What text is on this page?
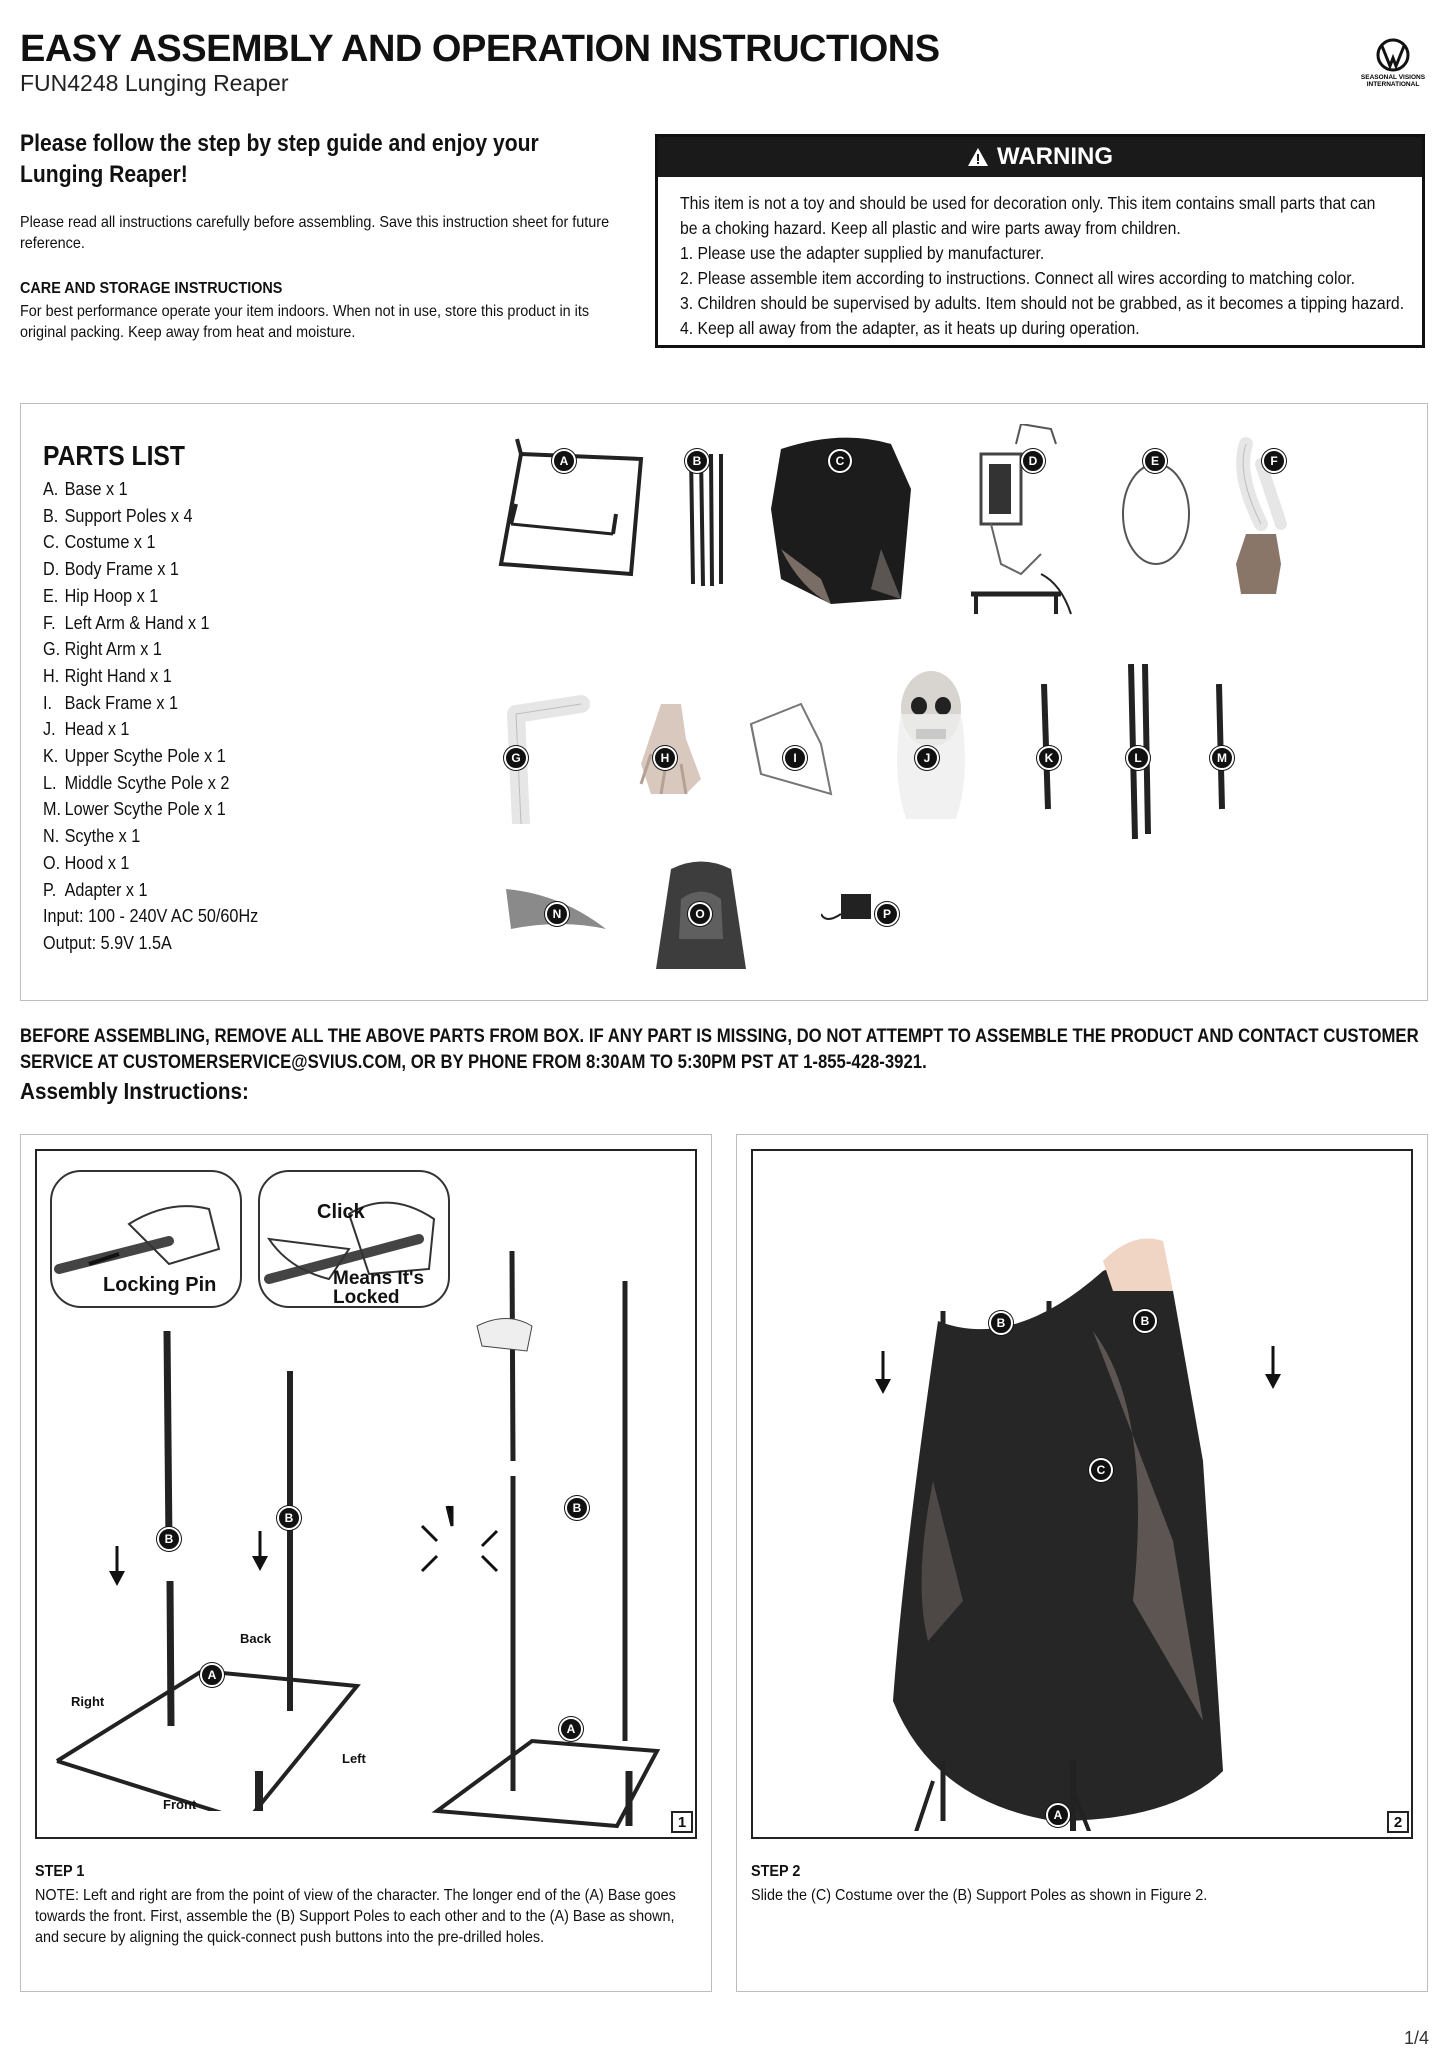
EASY ASSEMBLY AND OPERATION INSTRUCTIONS
FUN4248 Lunging Reaper	SEASONAL VISIONS
INTERNATIONAL
Please follow the step by step guide and enjoy your
Lunging Reaper!
Please read all instructions carefully before assembling. Save this instruction sheet for future reference.
CARE AND STORAGE INSTRUCTIONS
For best performance operate your item indoors. When not in use, store this product in its original packing. Keep away from heat and moisture.
WARNING
This item is not a toy and should be used for decoration only. This item contains small parts that can
be a choking hazard. Keep all plastic and wire parts away from children.
1. Please use the adapter supplied by manufacturer.
2. Please assemble item according to instructions. Connect all wires according to matching color.
3. Children should be supervised by adults. Item should not be grabbed, as it becomes a tipping hazard.
4. Keep all away from the adapter, as it heats up during operation.
PARTS LIST
A. Base x 1
B. Support Poles x 4
C. Costume x 1
D. Body Frame x 1
E. Hip Hoop x 1
F. Left Arm & Hand x 1
G. Right Arm x 1
H. Right Hand x 1
I. Back Frame x 1
J. Head x 1
K. Upper Scythe Pole x 1
L. Middle Scythe Pole x 2
M. Lower Scythe Pole x 1
N. Scythe x 1
O. Hood x 1
P. Adapter x 1
Input: 100 - 240V AC 50/60Hz
Output: 5.9V 1.5A
A	B	C	D	E	F
G	H	I	J	K	L	M
N	O	P
BEFORE ASSEMBLING, REMOVE ALL THE ABOVE PARTS FROM BOX. IF ANY PART IS MISSING, DO NOT ATTEMPT TO ASSEMBLE THE PRODUCT AND CONTACT CUSTOMER SERVICE AT CUSTOMERSERVICE@SVIUS.COM, OR BY PHONE FROM 8:30AM TO 5:30PM PST AT 1-855-428-3921.
Assembly Instructions:
Locking Pin
Click
Means It's
Locked
B
B
A
Back
Right
Left
Front
B
A
1
STEP 1
NOTE: Left and right are from the point of view of the character. The longer end of the (A) Base goes towards the front. First, assemble the (B) Support Poles to each other and to the (A) Base as shown, and secure by aligning the quick-connect push buttons into the pre-drilled holes.
B	B
C
A	2
STEP 2
Slide the (C) Costume over the (B) Support Poles as shown in Figure 2.
1/4
